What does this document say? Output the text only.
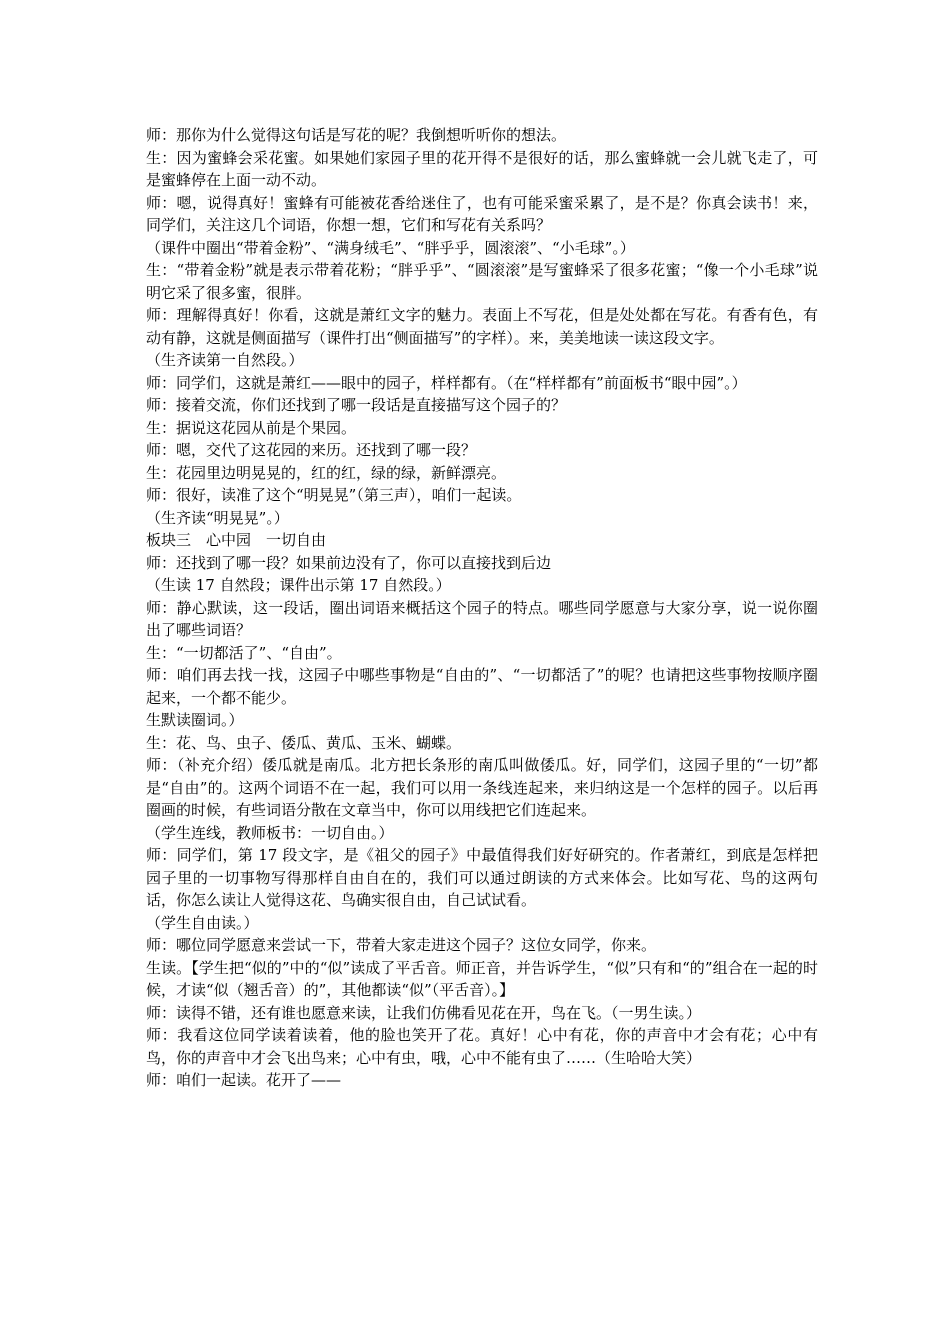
师：那你为什么觉得这句话是写花的呢？我倒想听听你的想法。

生：因为蜜蜂会采花蜜。如果她们家园子里的花开得不是很好的话，那么蜜蜂就一会儿就飞走了，可是蜜蜂停在上面一动不动。

师：嗯，说得真好！蜜蜂有可能被花香给迷住了，也有可能采蜜采累了，是不是？你真会读书！来，同学们，关注这几个词语，你想一想，它们和写花有关系吗？

（课件中圈出“带着金粉”、“满身绒毛”、“胖乎乎，圆滚滚”、“小毛球”。）

生：“带着金粉”就是表示带着花粉；“胖乎乎”、“圆滚滚”是写蜜蜂采了很多花蜜；“像一个小毛球”说明它采了很多蜜，很胖。

师：理解得真好！你看，这就是萧红文字的魅力。表面上不写花，但是处处都在写花。有香有色，有动有静，这就是侧面描写（课件打出“侧面描写”的字样）。来，美美地读一读这段文字。

（生齐读第一自然段。）

师：同学们，这就是萧红——眼中的园子，样样都有。（在“样样都有”前面板书“眼中园”。）

师：接着交流，你们还找到了哪一段话是直接描写这个园子的？

生：据说这花园从前是个果园。

师：嗯，交代了这花园的来历。还找到了哪一段？

生：花园里边明晃晃的，红的红，绿的绿，新鲜漂亮。

师：很好，读准了这个“明晃晃”（第三声），咱们一起读。

（生齐读“明晃晃”。）

板块三　心中园　一切自由

师：还找到了哪一段？如果前边没有了，你可以直接找到后边

（生读 17 自然段；课件出示第 17 自然段。）

师：静心默读，这一段话，圈出词语来概括这个园子的特点。哪些同学愿意与大家分享，说一说你圈出了哪些词语？

生：“一切都活了”、“自由”。

师：咱们再去找一找，这园子中哪些事物是“自由的”、“一切都活了”的呢？也请把这些事物按顺序圈起来，一个都不能少。

生默读圈词。）

生：花、鸟、虫子、倭瓜、黄瓜、玉米、蝴蝶。

师：（补充介绍）倭瓜就是南瓜。北方把长条形的南瓜叫做倭瓜。好，同学们，这园子里的“一切”都是“自由”的。这两个词语不在一起，我们可以用一条线连起来，来归纳这是一个怎样的园子。以后再圈画的时候，有些词语分散在文章当中，你可以用线把它们连起来。

（学生连线，教师板书：一切自由。）

师：同学们，第 17 段文字，是《祖父的园子》中最值得我们好好研究的。作者萧红，到底是怎样把园子里的一切事物写得那样自由自在的，我们可以通过朗读的方式来体会。比如写花、鸟的这两句话，你怎么读让人觉得这花、鸟确实很自由，自己试试看。

（学生自由读。）

师：哪位同学愿意来尝试一下，带着大家走进这个园子？这位女同学，你来。

生读。【学生把“似的”中的“似”读成了平舌音。师正音，并告诉学生，“似”只有和“的”组合在一起的时候，才读“似（翘舌音）的”，其他都读“似”（平舌音）。】

师：读得不错，还有谁也愿意来读，让我们仿佛看见花在开，鸟在飞。（一男生读。）

师：我看这位同学读着读着，他的脸也笑开了花。真好！心中有花，你的声音中才会有花；心中有鸟，你的声音中才会飞出鸟来；心中有虫，哦，心中不能有虫了……（生哈哈大笑）

师：咱们一起读。花开了——
